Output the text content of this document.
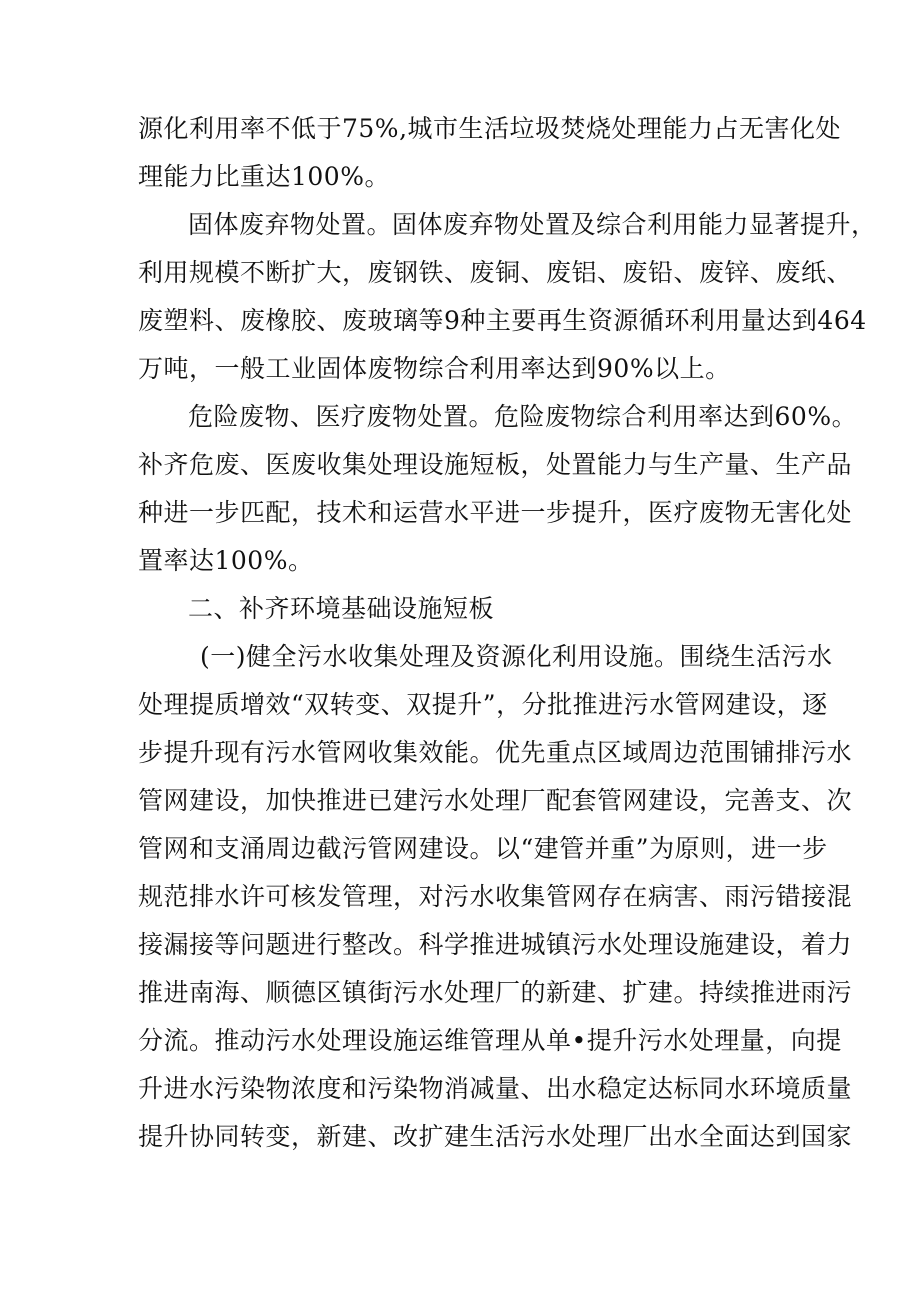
源化利用率不低于75%,城市生活垃圾焚烧处理能力占无害化处

理能力比重达100%。

固体废弃物处置。固体废弃物处置及综合利用能力显著提升，

利用规模不断扩大，废钢铁、废铜、废铝、废铅、废锌、废纸、

废塑料、废橡胶、废玻璃等9种主要再生资源循环利用量达到464

万吨，一般工业固体废物综合利用率达到90%以上。

危险废物、医疗废物处置。危险废物综合利用率达到60%。

补齐危废、医废收集处理设施短板，处置能力与生产量、生产品

种进一步匹配，技术和运营水平进一步提升，医疗废物无害化处

置率达100%。

二、补齐环境基础设施短板

(一)健全污水收集处理及资源化利用设施。围绕生活污水

处理提质增效“双转变、双提升”，分批推进污水管网建设，逐

步提升现有污水管网收集效能。优先重点区域周边范围铺排污水

管网建设，加快推进已建污水处理厂配套管网建设，完善支、次

管网和支涌周边截污管网建设。以“建管并重”为原则，进一步

规范排水许可核发管理，对污水收集管网存在病害、雨污错接混

接漏接等问题进行整改。科学推进城镇污水处理设施建设，着力

推进南海、顺德区镇街污水处理厂的新建、扩建。持续推进雨污

分流。推动污水处理设施运维管理从单•提升污水处理量，向提

升进水污染物浓度和污染物消减量、出水稳定达标同水环境质量

提升协同转变，新建、改扩建生活污水处理厂出水全面达到国家
